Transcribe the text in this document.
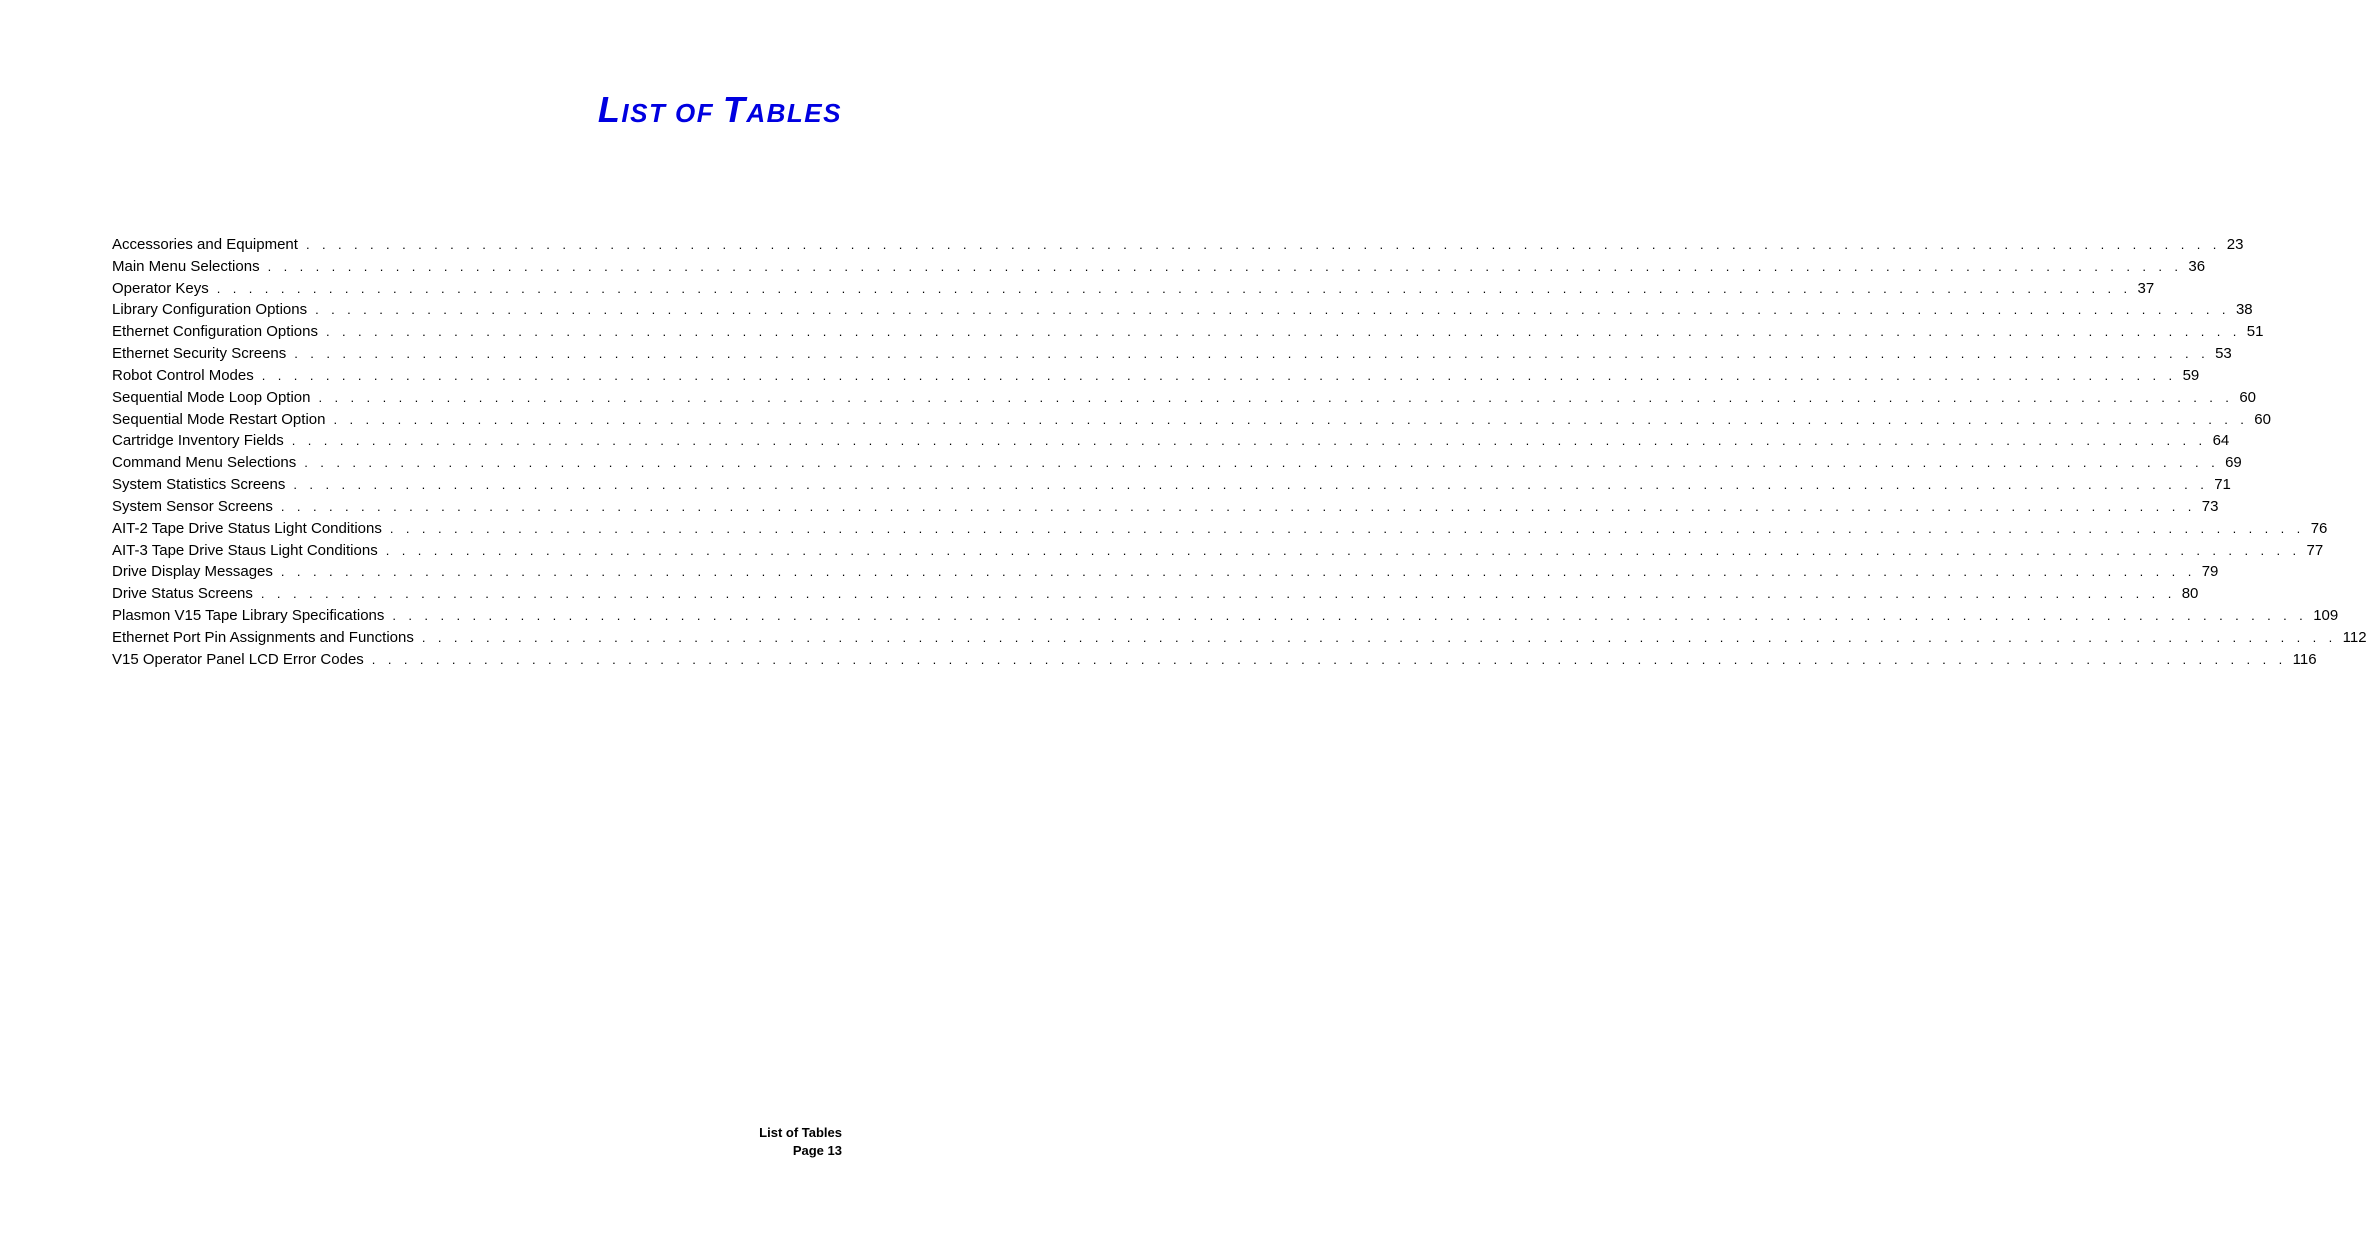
LIST OF TABLES
Accessories and Equipment . . . . . . . . . . . . . . . . . . . . . . . . . . . . . . . . . . . . . . . . . . . . . . . . . . . . . . . . . . . . . . . . . . . . . . . . . . . . . . . . . . . . . . . . . . . . . . . . . . . . . . . . . . . . . . . . . . . . . . . . 23
Main Menu Selections . . . . . . . . . . . . . . . . . . . . . . . . . . . . . . . . . . . . . . . . . . . . . . . . . . . . . . . . . . . . . . . . . . . . . . . . . . . . . . . . . . . . . . . . . . . . . . . . . . . . . . . . . . . . . . . . . . . . . . . . 36
Operator Keys . . . . . . . . . . . . . . . . . . . . . . . . . . . . . . . . . . . . . . . . . . . . . . . . . . . . . . . . . . . . . . . . . . . . . . . . . . . . . . . . . . . . . . . . . . . . . . . . . . . . . . . . . . . . . . . . . . . . . . . . 37
Library Configuration Options . . . . . . . . . . . . . . . . . . . . . . . . . . . . . . . . . . . . . . . . . . . . . . . . . . . . . . . . . . . . . . . . . . . . . . . . . . . . . . . . . . . . . . . . . . . . . . . . . . . . . . . . . . . . . . . . . . . . . . . . 38
Ethernet Configuration Options . . . . . . . . . . . . . . . . . . . . . . . . . . . . . . . . . . . . . . . . . . . . . . . . . . . . . . . . . . . . . . . . . . . . . . . . . . . . . . . . . . . . . . . . . . . . . . . . . . . . . . . . . . . . . . . . . . . . . . . . 51
Ethernet Security Screens . . . . . . . . . . . . . . . . . . . . . . . . . . . . . . . . . . . . . . . . . . . . . . . . . . . . . . . . . . . . . . . . . . . . . . . . . . . . . . . . . . . . . . . . . . . . . . . . . . . . . . . . . . . . . . . . . . . . . . . . 53
Robot Control Modes . . . . . . . . . . . . . . . . . . . . . . . . . . . . . . . . . . . . . . . . . . . . . . . . . . . . . . . . . . . . . . . . . . . . . . . . . . . . . . . . . . . . . . . . . . . . . . . . . . . . . . . . . . . . . . . . . . . . . . . . 59
Sequential Mode Loop Option . . . . . . . . . . . . . . . . . . . . . . . . . . . . . . . . . . . . . . . . . . . . . . . . . . . . . . . . . . . . . . . . . . . . . . . . . . . . . . . . . . . . . . . . . . . . . . . . . . . . . . . . . . . . . . . . . . . . . . . . 60
Sequential Mode Restart Option . . . . . . . . . . . . . . . . . . . . . . . . . . . . . . . . . . . . . . . . . . . . . . . . . . . . . . . . . . . . . . . . . . . . . . . . . . . . . . . . . . . . . . . . . . . . . . . . . . . . . . . . . . . . . . . . . . . . . . . . 60
Cartridge Inventory Fields . . . . . . . . . . . . . . . . . . . . . . . . . . . . . . . . . . . . . . . . . . . . . . . . . . . . . . . . . . . . . . . . . . . . . . . . . . . . . . . . . . . . . . . . . . . . . . . . . . . . . . . . . . . . . . . . . . . . . . . . 64
Command Menu Selections . . . . . . . . . . . . . . . . . . . . . . . . . . . . . . . . . . . . . . . . . . . . . . . . . . . . . . . . . . . . . . . . . . . . . . . . . . . . . . . . . . . . . . . . . . . . . . . . . . . . . . . . . . . . . . . . . . . . . . . . 69
System Statistics Screens . . . . . . . . . . . . . . . . . . . . . . . . . . . . . . . . . . . . . . . . . . . . . . . . . . . . . . . . . . . . . . . . . . . . . . . . . . . . . . . . . . . . . . . . . . . . . . . . . . . . . . . . . . . . . . . . . . . . . . . . 71
System Sensor Screens . . . . . . . . . . . . . . . . . . . . . . . . . . . . . . . . . . . . . . . . . . . . . . . . . . . . . . . . . . . . . . . . . . . . . . . . . . . . . . . . . . . . . . . . . . . . . . . . . . . . . . . . . . . . . . . . . . . . . . . . 73
AIT-2 Tape Drive Status Light Conditions . . . . . . . . . . . . . . . . . . . . . . . . . . . . . . . . . . . . . . . . . . . . . . . . . . . . . . . . . . . . . . . . . . . . . . . . . . . . . . . . . . . . . . . . . . . . . . . . . . . . . . . . . . . . . . . . . . . . . . . . 76
AIT-3 Tape Drive Staus Light Conditions . . . . . . . . . . . . . . . . . . . . . . . . . . . . . . . . . . . . . . . . . . . . . . . . . . . . . . . . . . . . . . . . . . . . . . . . . . . . . . . . . . . . . . . . . . . . . . . . . . . . . . . . . . . . . . . . . . . . . . . . 77
Drive Display Messages . . . . . . . . . . . . . . . . . . . . . . . . . . . . . . . . . . . . . . . . . . . . . . . . . . . . . . . . . . . . . . . . . . . . . . . . . . . . . . . . . . . . . . . . . . . . . . . . . . . . . . . . . . . . . . . . . . . . . . . . 79
Drive Status Screens . . . . . . . . . . . . . . . . . . . . . . . . . . . . . . . . . . . . . . . . . . . . . . . . . . . . . . . . . . . . . . . . . . . . . . . . . . . . . . . . . . . . . . . . . . . . . . . . . . . . . . . . . . . . . . . . . . . . . . . . 80
Plasmon V15 Tape Library Specifications . . . . . . . . . . . . . . . . . . . . . . . . . . . . . . . . . . . . . . . . . . . . . . . . . . . . . . . . . . . . . . . . . . . . . . . . . . . . . . . . . . . . . . . . . . . . . . . . . . . . . . . . . . . . . . . . . . . . . . . . 109
Ethernet Port Pin Assignments and Functions . . . . . . . . . . . . . . . . . . . . . . . . . . . . . . . . . . . . . . . . . . . . . . . . . . . . . . . . . . . . . . . . . . . . . . . . . . . . . . . . . . . . . . . . . . . . . . . . . . . . . . . . . . . . . . . . . . . . . . . . 112
V15 Operator Panel LCD Error Codes . . . . . . . . . . . . . . . . . . . . . . . . . . . . . . . . . . . . . . . . . . . . . . . . . . . . . . . . . . . . . . . . . . . . . . . . . . . . . . . . . . . . . . . . . . . . . . . . . . . . . . . . . . . . . . . . . . . . . . . . 116
List of Tables
Page 13
